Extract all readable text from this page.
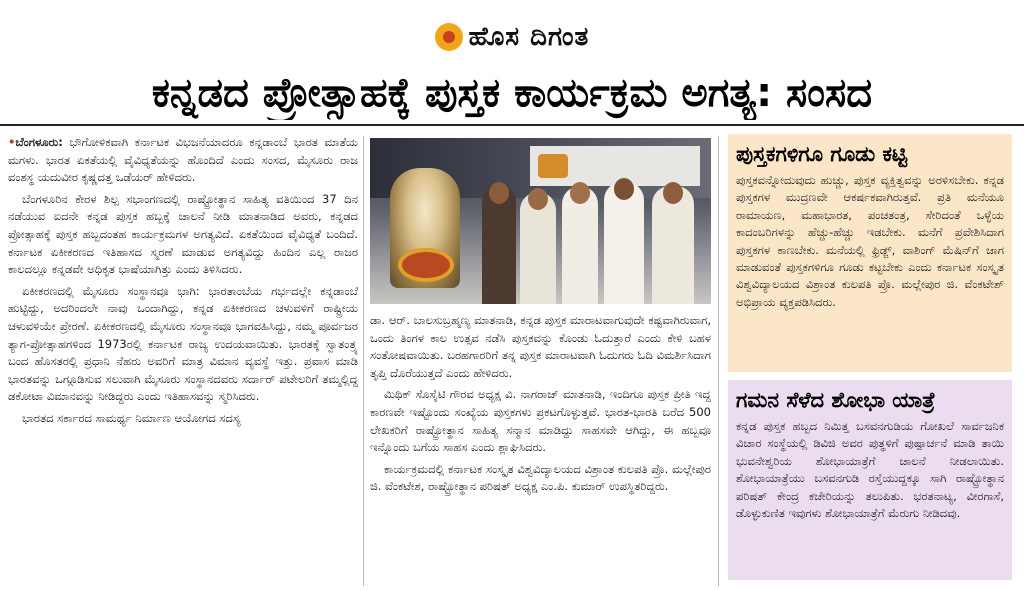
ಹೊಸ ದಿಗಂತ
ಕನ್ನಡದ ಪ್ರೋತ್ಸಾಹಕ್ಕೆ ಪುಸ್ತಕ ಕಾರ್ಯಕ್ರಮ ಅಗತ್ಯ: ಸಂಸದ

•ಬೆಂಗಳೂರು: ಭೌಗೋಳಿಕವಾಗಿ ಕರ್ನಾಟಕ ವಿಭಜನೆಯಾದರೂ ಕನ್ನಡಾಂಬೆ ಭಾರತ ಮಾತೆಯ ಮಗಳು. ಭಾರತ ಏಕತೆಯಲ್ಲಿ ವೈವಿಧ್ಯತೆಯನ್ನು ಹೊಂದಿದೆ ಎಂದು ಸಂಸದ, ಮೈಸೂರು ರಾಜ ವಂಶಸ್ಥ ಯದುವೀರ ಕೃಷ್ಣದತ್ತ ಒಡೆಯರ್ ಹೇಳಿದರು.

ಬೆಂಗಳೂರಿನ ಕೇರಳ ಶಿಲ್ಪ ಸಭಾಂಗಣದಲ್ಲಿ ರಾಷ್ಟ್ರೋತ್ಥಾನ ಸಾಹಿತ್ಯ ವತಿಯಿಂದ 37 ದಿನ ನಡೆಯುವ ಐದನೇ ಕನ್ನಡ ಪುಸ್ತಕ ಹಬ್ಬಕ್ಕೆ ಚಾಲನೆ ನೀಡಿ ಮಾತನಾಡಿದ ಅವರು, ಕನ್ನಡದ ಪ್ರೋತ್ಸಾಹಕ್ಕೆ ಪುಸ್ತಕ ಹಬ್ಬದಂತಹ ಕಾರ್ಯಕ್ರಮಗಳ ಅಗತ್ಯವಿದೆ. ಏಕತೆಯಿಂದ ವೈವಿಧ್ಯತೆ ಬಂದಿದೆ. ಕರ್ನಾಟಕ ಏಕೀಕರಣದ ಇತಿಹಾಸದ ಸ್ಮರಣೆ ಮಾಡುವ ಅಗತ್ಯವಿದ್ದು ಹಿಂದಿನ ಎಲ್ಲ ರಾಜರ ಕಾಲದಲ್ಲೂ ಕನ್ನಡವೇ ಅಧಿಕೃತ ಭಾಷೆಯಾಗಿತ್ತು ಎಂದು ತಿಳಿಸಿದರು.

ಏಕೀಕರಣದಲ್ಲಿ ಮೈಸೂರು ಸಂಸ್ಥಾನವೂ ಭಾಗಿ: ಭಾರತಾಂಬೆಯ ಗರ್ಭದಲ್ಲೇ ಕನ್ನಡಾಂಬೆ ಹುಟ್ಟಿದ್ದು, ಅದರಿಂದಲೇ ನಾವು ಒಂದಾಗಿದ್ದು, ಕನ್ನಡ ಏಕೀಕರಣದ ಚಳುವಳಿಗೆ ರಾಷ್ಟ್ರೀಯ ಚಳುವಳಿಯೇ ಪ್ರೇರಣೆ. ಏಕೀಕರಣದಲ್ಲಿ ಮೈಸೂರು ಸಂಸ್ಥಾನವೂ ಭಾಗವಹಿಸಿದ್ದು, ನಮ್ಮ ಪೂರ್ವಜರ ತ್ಯಾಗ-ಪ್ರೋತ್ಸಾಹಗಳಿಂದ 1973ರಲ್ಲಿ ಕರ್ನಾಟಕ ರಾಜ್ಯ ಉದಯವಾಯಿತು. ಭಾರತಕ್ಕೆ ಸ್ವಾತಂತ್ರ್ಯ ಬಂದ ಹೊಸತರಲ್ಲಿ ಪ್ರಧಾನಿ ನೆಹರು ಅವರಿಗೆ ಮಾತ್ರ ವಿಮಾನ ವ್ಯವಸ್ಥೆ ಇತ್ತು. ಪ್ರವಾಸ ಮಾಡಿ ಭಾರತವನ್ನು ಒಗ್ಗೂಡಿಸುವ ಸಲುವಾಗಿ ಮೈಸೂರು ಸಂಸ್ಥಾನದವರು ಸರ್ದಾರ್ ಪಟೇಲರಿಗೆ ತಮ್ಮಲ್ಲಿದ್ದ ಡಕೋಟಾ ವಿಮಾನವನ್ನು ನೀಡಿದ್ದರು ಎಂದು ಇತಿಹಾಸವನ್ನು ಸ್ಮರಿಸಿದರು.

ಭಾರತದ ಸರ್ಕಾರದ ಸಾಮರ್ಥ್ಯ ನಿರ್ಮಾಣ ಆಯೋಗದ ಸದಸ್ಯ

ಡಾ. ಆರ್. ಬಾಲಸುಬ್ರಹ್ಮಣ್ಯ ಮಾತನಾಡಿ, ಕನ್ನಡ ಪುಸ್ತಕ ಮಾರಾಟವಾಗುವುದೇ ಕಷ್ಟವಾಗಿರುವಾಗ, ಒಂದು ತಿಂಗಳ ಕಾಲ ಉತ್ಸವ ನಡೆಸಿ ಪುಸ್ತಕವನ್ನು ಕೊಂಡು ಓದುತ್ತಾರೆ ಎಂದು ಕೇಳಿ ಬಹಳ ಸಂತೋಷವಾಯಿತು. ಬರಹಗಾರರಿಗೆ ತನ್ನ ಪುಸ್ತಕ ಮಾರಾಟವಾಗಿ ಓದುಗರು ಓದಿ ವಿಮರ್ಶಿಸಿದಾಗ ತೃಪ್ತಿ ದೊರೆಯುತ್ತದೆ ಎಂದು ಹೇಳಿದರು.

ಮಿಥಿಕ್ ಸೊಸೈಟಿ ಗೌರವ ಅಧ್ಯಕ್ಷ ವಿ. ನಾಗರಾಜ್ ಮಾತನಾಡಿ, ಇಂದಿಗೂ ಪುಸ್ತಕ ಪ್ರೀತಿ ಇದ್ದ ಕಾರಣವೇ ಇಷ್ಟೊಂದು ಸಂಖ್ಯೆಯ ಪುಸ್ತಕಗಳು ಪ್ರಕಟಗೊಳ್ಳುತ್ತವೆ. ಭಾರತ-ಭಾರತಿ ಬರೆದ 500 ಲೇಖಕರಿಗೆ ರಾಷ್ಟ್ರೋತ್ಥಾನ ಸಾಹಿತ್ಯ ಸನ್ಮಾನ ಮಾಡಿದ್ದು ಸಾಹಸವೇ ಆಗಿದ್ದು, ಈ ಹಬ್ಬವೂ ಇನ್ನೊಂದು ಬಗೆಯ ಸಾಹಸ ಎಂದು ಶ್ಲಾಘಿಸಿದರು.

ಕಾರ್ಯಕ್ರಮದಲ್ಲಿ ಕರ್ನಾಟಕ ಸಂಸ್ಕೃತ ವಿಶ್ವವಿದ್ಯಾಲಯದ ವಿಶ್ರಾಂತ ಕುಲಪತಿ ಪ್ರೊ. ಮಲ್ಲೇಪುರ ಜಿ. ವೆಂಕಟೇಶ, ರಾಷ್ಟ್ರೋತ್ಥಾನ ಪರಿಷತ್ ಅಧ್ಯಕ್ಷ ಎಂ.ಪಿ. ಕುಮಾರ್ ಉಪಸ್ಥಿತರಿದ್ದರು.

ಪುಸ್ತಕಗಳಿಗೂ ಗೂಡು ಕಟ್ಟಿ
ಪುಸ್ತಕವನ್ನೋದುವುದು ಹುಚ್ಚು, ಪುಸ್ತಕ ವ್ಯಕ್ತಿತ್ವವನ್ನು ಅರಳಿಸಬೇಕು. ಕನ್ನಡ ಪುಸ್ತಕಗಳ ಮುದ್ರಣವೇ ಆಕರ್ಷಕವಾಗಿರುತ್ತವೆ. ಪ್ರತಿ ಮನೆಯೂ ರಾಮಾಯಣ, ಮಹಾಭಾರತ, ಪಂಚತಂತ್ರ, ಸೇರಿದಂತೆ ಒಳ್ಳೆಯ ಕಾದಂಬರಿಗಳನ್ನು ಹೆಚ್ಚು-ಹೆಚ್ಚು ಇಡಬೇಕು. ಮನೆಗೆ ಪ್ರವೇಶಿಸಿದಾಗ ಪುಸ್ತಕಗಳ ಕಾಣಬೇಕು. ಮನೆಯಲ್ಲಿ ಫ್ರಿಡ್ಜ್, ವಾಶಿಂಗ್ ಮೆಷಿನ್‌ಗೆ ಜಾಗ ಮಾಡುವಂತೆ ಪುಸ್ತಕಗಳಿಗೂ ಗೂಡು ಕಟ್ಟಬೇಕು ಎಂದು ಕರ್ನಾಟಕ ಸಂಸ್ಕೃತ ವಿಶ್ವವಿದ್ಯಾಲಯದ ವಿಶ್ರಾಂತ ಕುಲಪತಿ ಪ್ರೊ. ಮಲ್ಲೇಪುರ ಜಿ. ವೆಂಕಟೇಶ್ ಅಭಿಪ್ರಾಯ ವ್ಯಕ್ತಪಡಿಸಿದರು.
ಗಮನ ಸೆಳೆದ ಶೋಭಾ ಯಾತ್ರೆ
ಕನ್ನಡ ಪುಸ್ತಕ ಹಬ್ಬದ ನಿಮಿತ್ತ ಬಸವನಗುಡಿಯ ಗೋಖಲೆ ಸಾರ್ವಜನಿಕ ವಿಚಾರ ಸಂಸ್ಥೆಯಲ್ಲಿ ಡಿವಿಜಿ ಅವರ ಪುತ್ಥಳಿಗೆ ಪುಷ್ಪಾರ್ಚನೆ ಮಾಡಿ ತಾಯಿ ಭುವನೇಶ್ವರಿಯ ಶೋಭಾಯಾತ್ರೆಗೆ ಚಾಲನೆ ನೀಡಲಾಯಿತು. ಶೋಭಾಯಾತ್ರೆಯು ಬಸವನಗುಡಿ ರಸ್ತೆಯುದ್ದಕ್ಕೂ ಸಾಗಿ ರಾಷ್ಟ್ರೋತ್ಥಾನ ಪರಿಷತ್ ಕೇಂದ್ರ ಕಚೇರಿಯನ್ನು ತಲುಪಿತು. ಭರತನಾಟ್ಯ, ವೀರಗಾಸೆ, ಡೊಳ್ಳುಕುಣಿತ ಇವುಗಳು ಶೋಭಾಯಾತ್ರೆಗೆ ಮೆರುಗು ನೀಡಿದವು.
